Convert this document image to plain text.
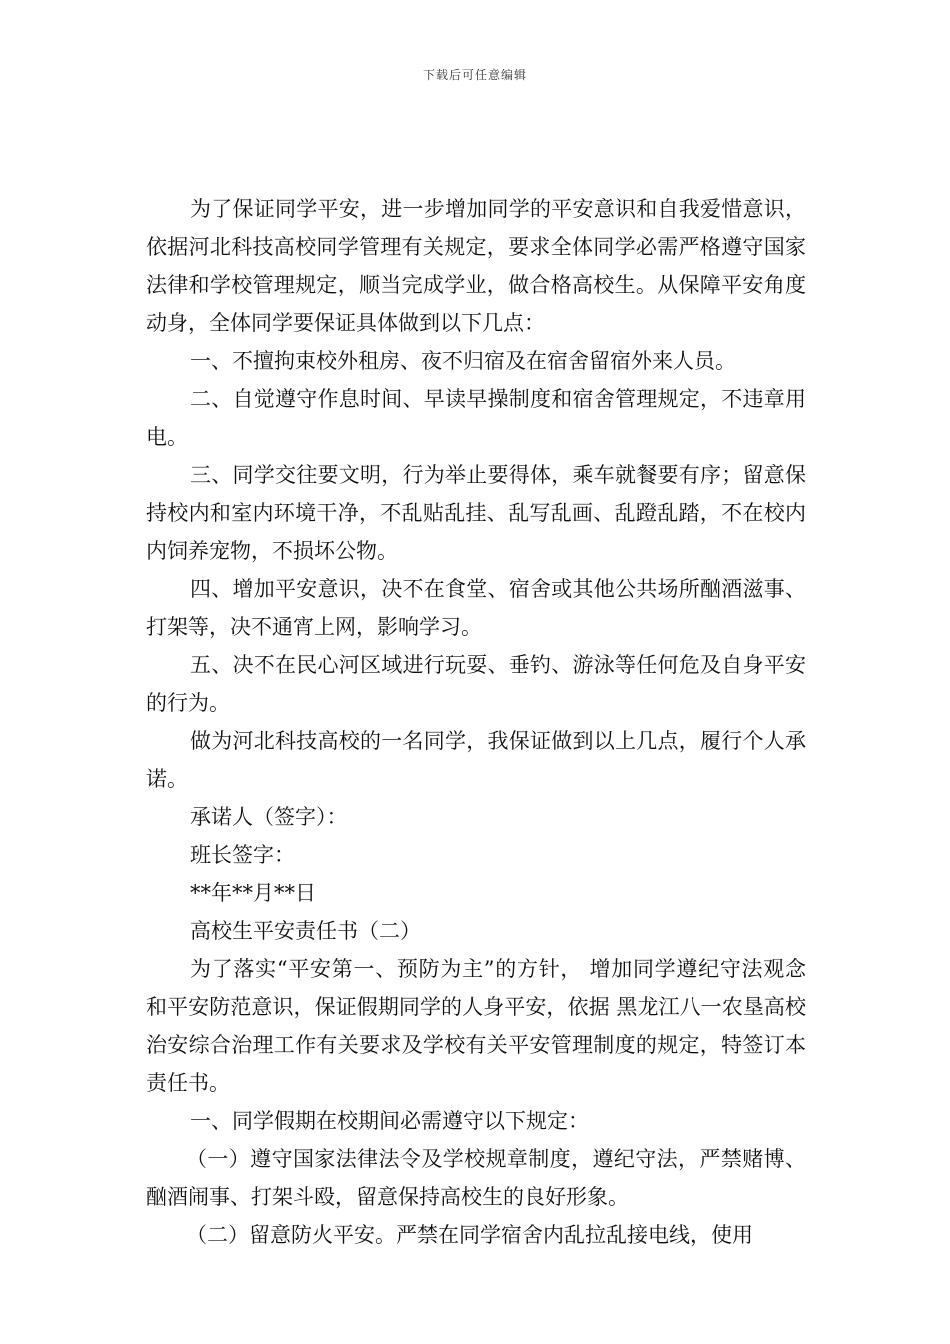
下载后可任意编辑

为了保证同学平安，进一步增加同学的平安意识和自我爱惜意识，依据河北科技高校同学管理有关规定，要求全体同学必需严格遵守国家法律和学校管理规定，顺当完成学业，做合格高校生。从保障平安角度动身，全体同学要保证具体做到以下几点：

一、不擅拘束校外租房、夜不归宿及在宿舍留宿外来人员。

二、自觉遵守作息时间、早读早操制度和宿舍管理规定，不违章用电。

三、同学交往要文明，行为举止要得体，乘车就餐要有序；留意保持校内和室内环境干净，不乱贴乱挂、乱写乱画、乱蹬乱踏，不在校内内饲养宠物，不损坏公物。

四、增加平安意识，决不在食堂、宿舍或其他公共场所酗酒滋事、打架等，决不通宵上网，影响学习。

五、决不在民心河区域进行玩耍、垂钓、游泳等任何危及自身平安的行为。

做为河北科技高校的一名同学，我保证做到以上几点，履行个人承诺。

承诺人（签字）：

班长签字：

**年**月**日

高校生平安责任书（二）

为了落实“平安第一、预防为主”的方针， 增加同学遵纪守法观念和平安防范意识，保证假期同学的人身平安，依据 黑龙江八一农垦高校 治安综合治理工作有关要求及学校有关平安管理制度的规定，特签订本责任书。

一、同学假期在校期间必需遵守以下规定：

（一）遵守国家法律法令及学校规章制度，遵纪守法，严禁赌博、酗酒闹事、打架斗殴，留意保持高校生的良好形象。

（二）留意防火平安。严禁在同学宿舍内乱拉乱接电线，使用
